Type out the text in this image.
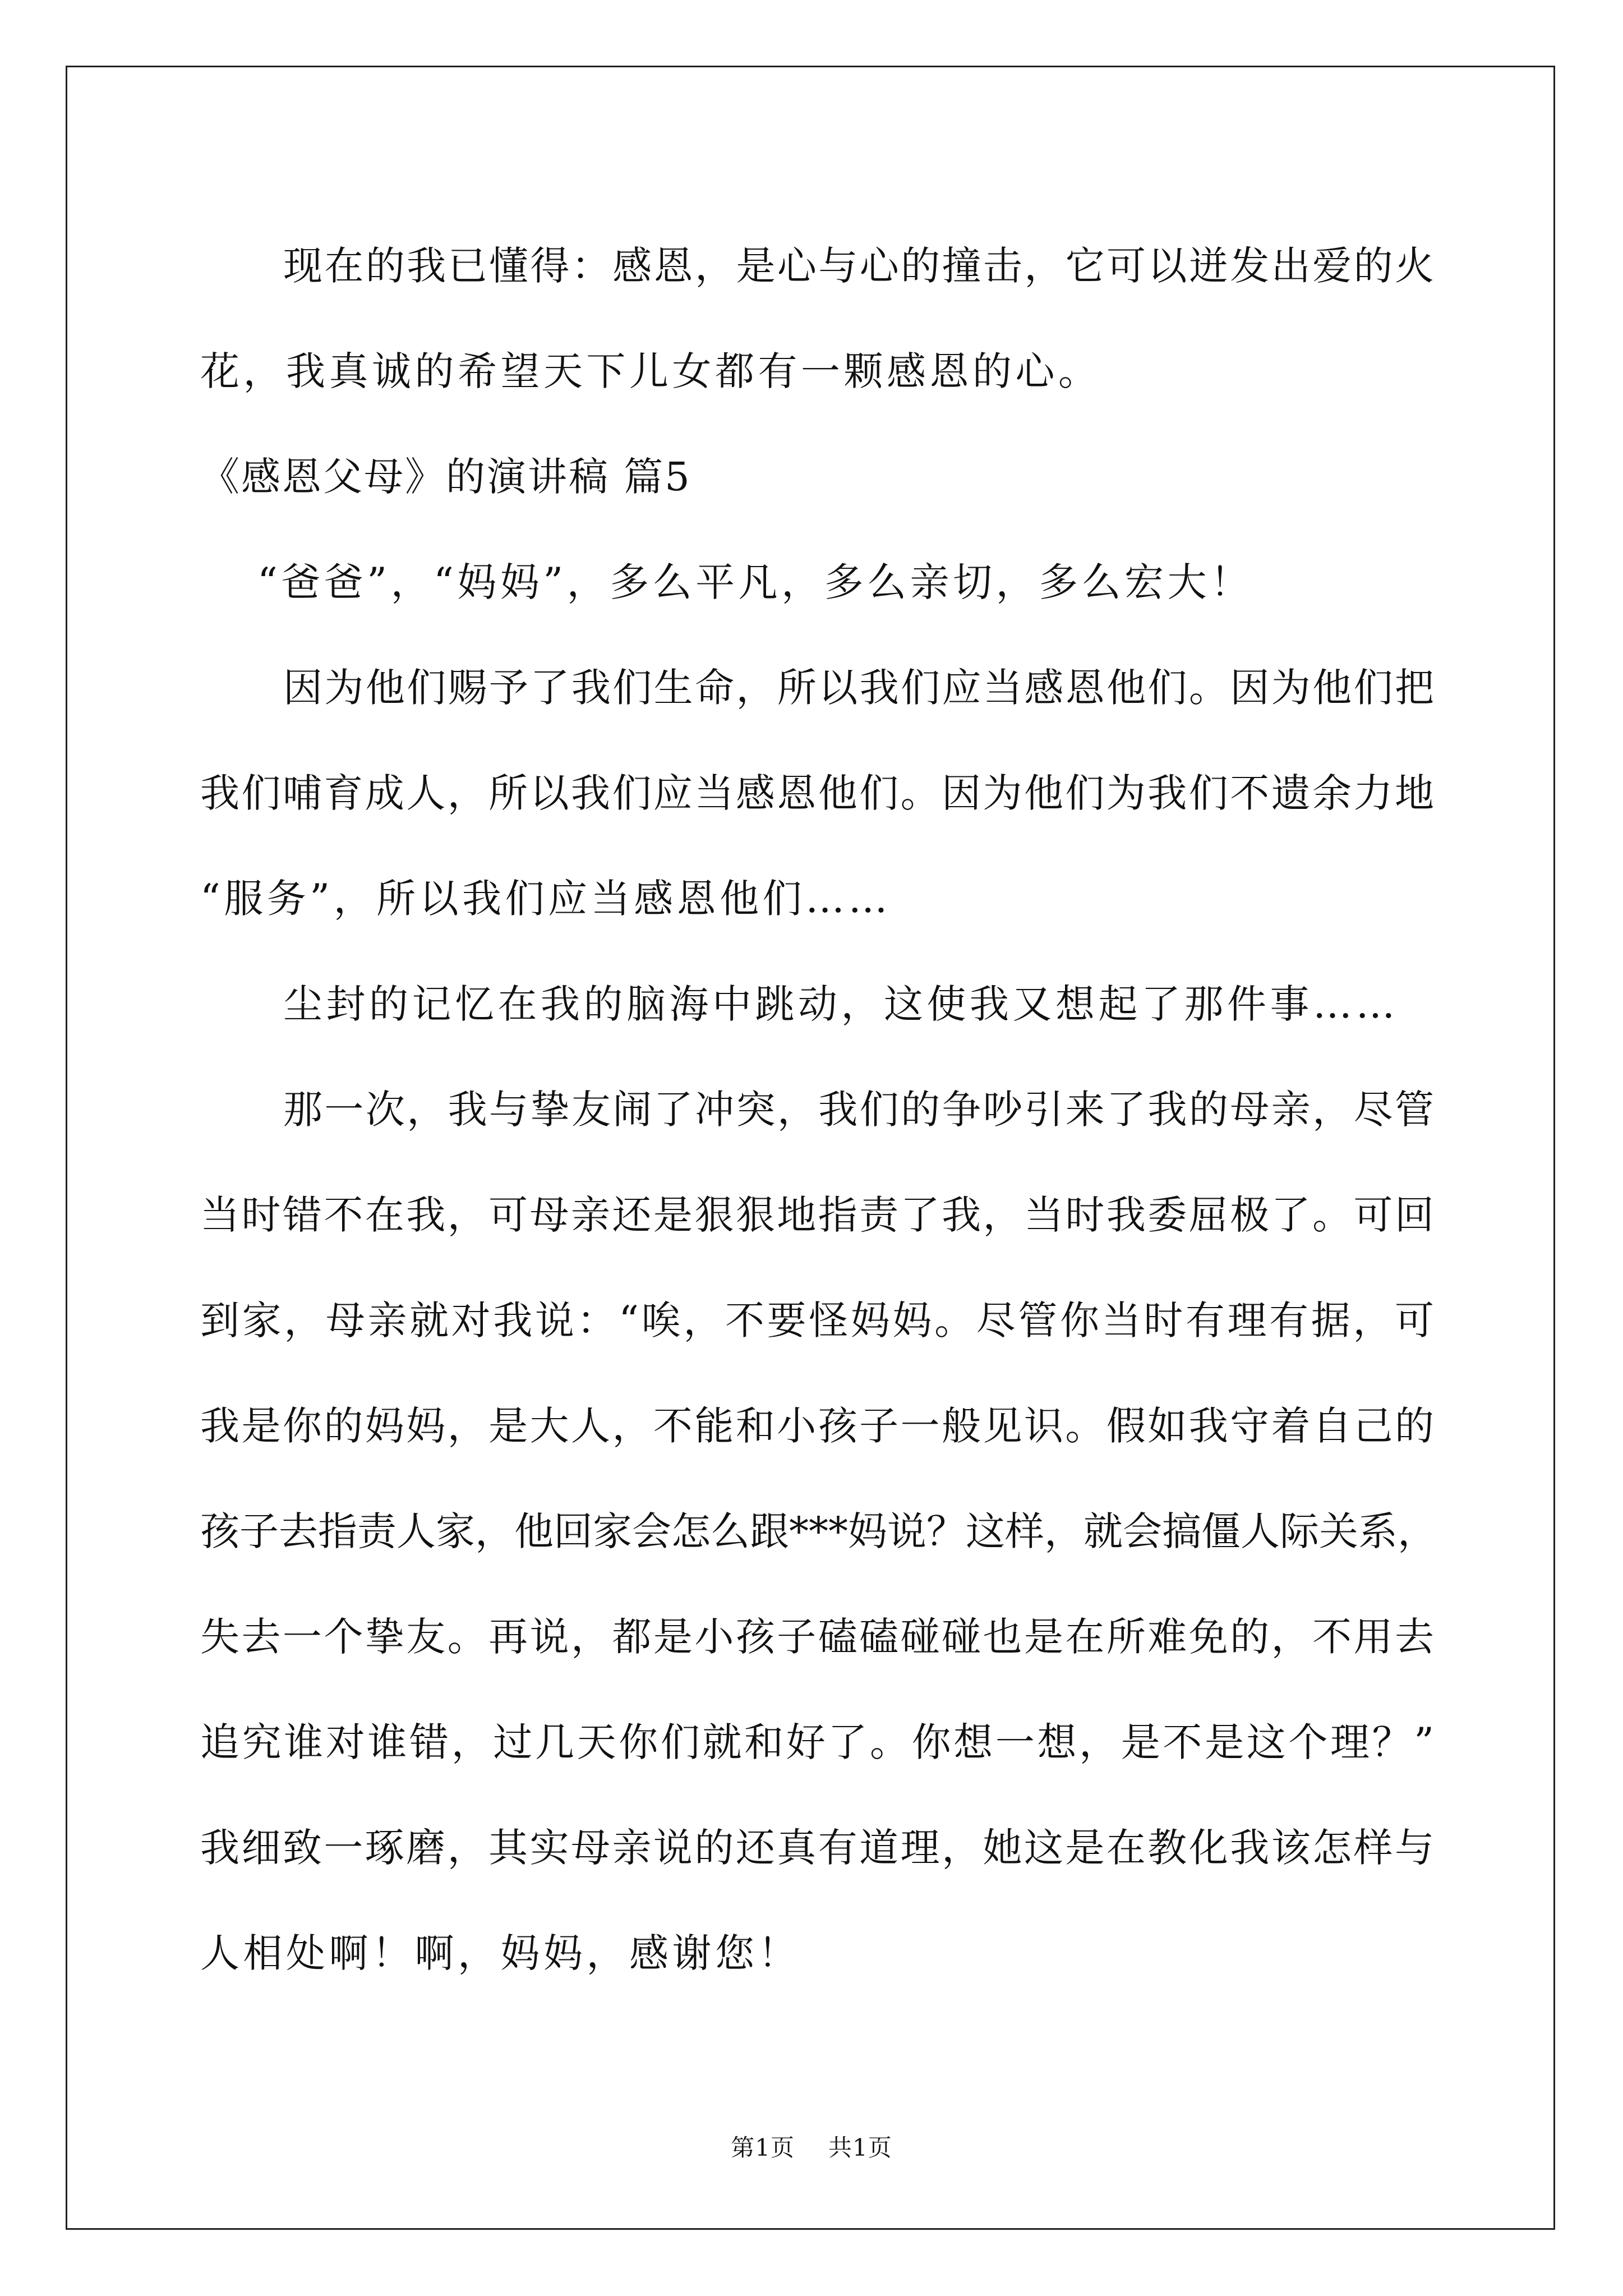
现在的我已懂得：感恩，是心与心的撞击，它可以迸发出爱的火
花，我真诚的希望天下儿女都有一颗感恩的心。
《感恩父母》的演讲稿 篇5
“爸爸”，“妈妈”，多么平凡，多么亲切，多么宏大！
因为他们赐予了我们生命，所以我们应当感恩他们。因为他们把
我们哺育成人，所以我们应当感恩他们。因为他们为我们不遗余力地
“服务”，所以我们应当感恩他们……
尘封的记忆在我的脑海中跳动，这使我又想起了那件事……
那一次，我与挚友闹了冲突，我们的争吵引来了我的母亲，尽管
当时错不在我，可母亲还是狠狠地指责了我，当时我委屈极了。可回
到家，母亲就对我说：“唉，不要怪妈妈。尽管你当时有理有据，可
我是你的妈妈，是大人，不能和小孩子一般见识。假如我守着自己的
孩子去指责人家，他回家会怎么跟***妈说？这样，就会搞僵人际关系，
失去一个挚友。再说，都是小孩子磕磕碰碰也是在所难免的，不用去
追究谁对谁错，过几天你们就和好了。你想一想，是不是这个理？”
我细致一琢磨，其实母亲说的还真有道理，她这是在教化我该怎样与
人相处啊！啊，妈妈，感谢您！
第1页 共1页
